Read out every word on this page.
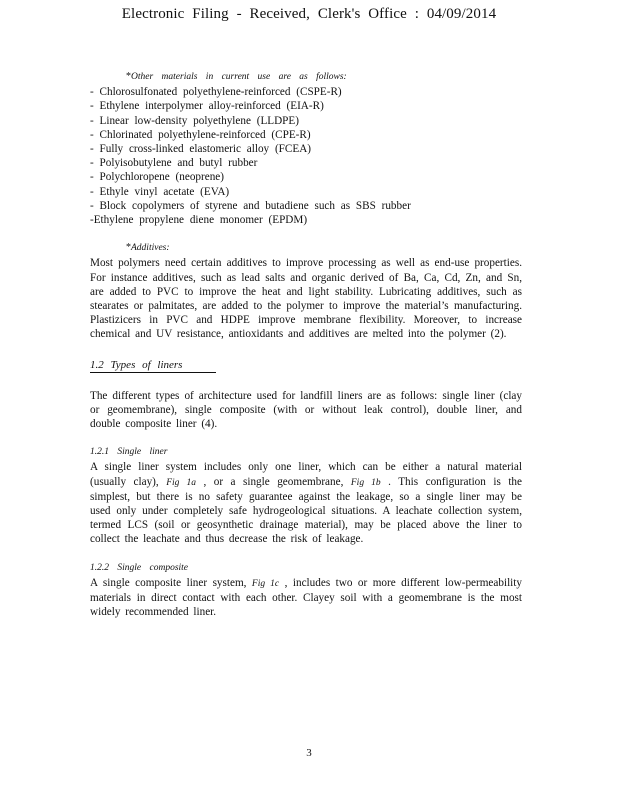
Electronic Filing - Received, Clerk's Office : 04/09/2014
*Other materials in current use are as follows:
- Chlorosulfonated polyethylene-reinforced (CSPE-R)
- Ethylene interpolymer alloy-reinforced (EIA-R)
- Linear low-density polyethylene (LLDPE)
- Chlorinated polyethylene-reinforced (CPE-R)
- Fully cross-linked elastomeric alloy (FCEA)
- Polyisobutylene and butyl rubber
- Polychloropene (neoprene)
- Ethyle vinyl acetate (EVA)
- Block copolymers of styrene and butadiene such as SBS rubber
-Ethylene propylene diene monomer (EPDM)
*Additives:

Most polymers need certain additives to improve processing as well as end-use properties. For instance additives, such as lead salts and organic derived of Ba, Ca, Cd, Zn, and Sn, are added to PVC to improve the heat and light stability. Lubricating additives, such as stearates or palmitates, are added to the polymer to improve the material’s manufacturing. Plastizicers in PVC and HDPE improve membrane flexibility. Moreover, to increase chemical and UV resistance, antioxidants and additives are melted into the polymer (2).

1.2 Types of liners

The different types of architecture used for landfill liners are as follows: single liner (clay or geomembrane), single composite (with or without leak control), double liner, and double composite liner (4).

1.2.1 Single liner

A single liner system includes only one liner, which can be either a natural material (usually clay), Fig 1a , or a single geomembrane, Fig 1b . This configuration is the simplest, but there is no safety guarantee against the leakage, so a single liner may be used only under completely safe hydrogeological situations. A leachate collection system, termed LCS (soil or geosynthetic drainage material), may be placed above the liner to collect the leachate and thus decrease the risk of leakage.

1.2.2 Single composite

A single composite liner system, Fig 1c , includes two or more different low-permeability materials in direct contact with each other. Clayey soil with a geomembrane is the most widely recommended liner.

3
